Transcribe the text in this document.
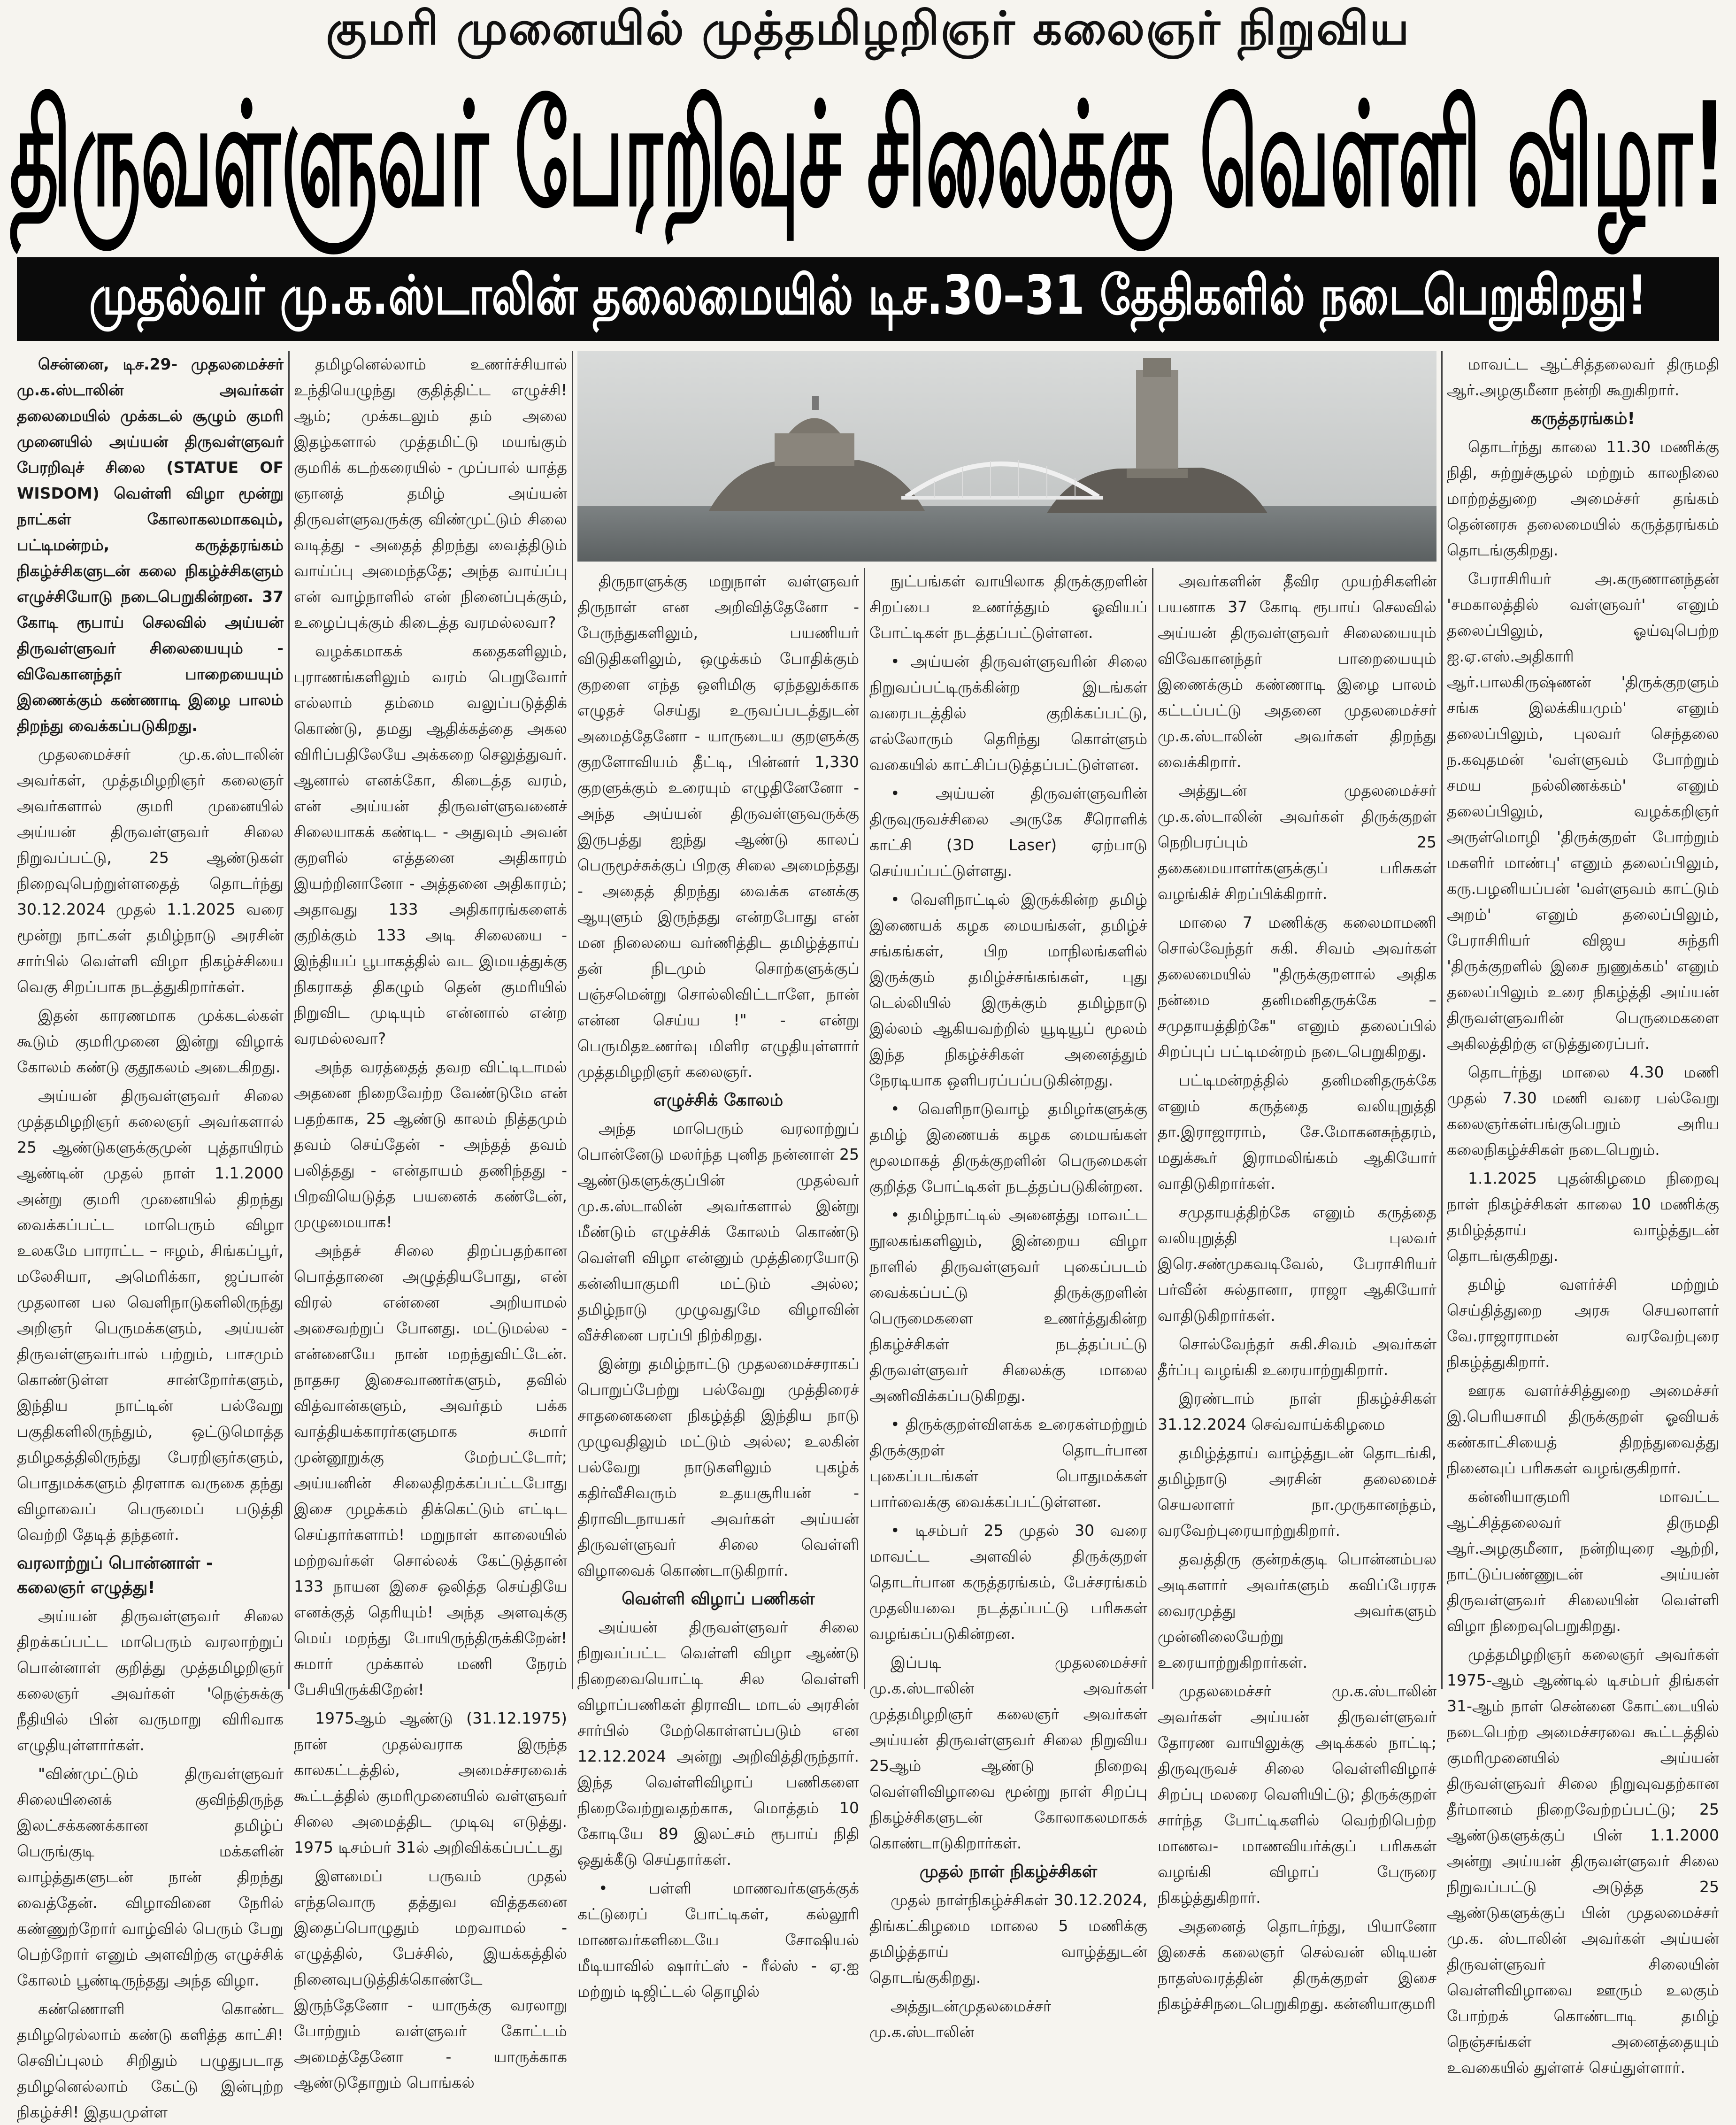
குமரி முனையில் முத்தமிழறிஞர் கலைஞர் நிறுவிய
திருவள்ளுவர் பேரறிவுச் சிலைக்கு வெள்ளி விழா!
முதல்வர் மு.க.ஸ்டாலின் தலைமையில் டிச.30–31 தேதிகளில் நடைபெறுகிறது!

சென்னை, டிச.29- முதலமைச்சர் மு.க.ஸ்டாலின் அவர்கள் தலைமையில் முக்கடல் சூழும் குமரி முனையில் அய்யன் திருவள்ளுவர் பேரறிவுச் சிலை (STATUE OF WISDOM) வெள்ளி விழா மூன்று நாட்கள் கோலாகலமாகவும், பட்டிமன்றம், கருத்தரங்கம் நிகழ்ச்சிகளுடன் கலை நிகழ்ச்சிகளும் எழுச்சியோடு நடைபெறுகின்றன. 37 கோடி ரூபாய் செலவில் அய்யன் திருவள்ளுவர் சிலையையும் - விவேகானந்தர் பாறையையும் இணைக்கும் கண்ணாடி இழை பாலம் திறந்து வைக்கப்படுகிறது.

முதலமைச்சர் மு.க.ஸ்டாலின் அவர்கள், முத்தமிழறிஞர் கலைஞர் அவர்களால் குமரி முனையில் அய்யன் திருவள்ளுவர் சிலை நிறுவப்பட்டு, 25 ஆண்டுகள் நிறைவுபெற்றுள்ளதைத் தொடர்ந்து 30.12.2024 முதல் 1.1.2025 வரை மூன்று நாட்கள் தமிழ்நாடு அரசின் சார்பில் வெள்ளி விழா நிகழ்ச்சியை வெகு சிறப்பாக நடத்துகிறார்கள்.

இதன் காரணமாக முக்கடல்கள் கூடும் குமரிமுனை இன்று விழாக் கோலம் கண்டு குதூகலம் அடைகிறது.

அய்யன் திருவள்ளுவர் சிலை முத்தமிழறிஞர் கலைஞர் அவர்களால் 25 ஆண்டுகளுக்குமுன் புத்தாயிரம் ஆண்டின் முதல் நாள் 1.1.2000 அன்று குமரி முனையில் திறந்து வைக்கப்பட்ட மாபெரும் விழா உலகமே பாராட்ட – ஈழம், சிங்கப்பூர், மலேசியா, அமெரிக்கா, ஜப்பான் முதலான பல வெளிநாடுகளிலிருந்து அறிஞர் பெருமக்களும், அய்யன் திருவள்ளுவர்பால் பற்றும், பாசமும் கொண்டுள்ள சான்றோர்களும், இந்திய நாட்டின் பல்வேறு பகுதிகளிலிருந்தும், ஒட்டுமொத்த தமிழகத்திலிருந்து பேரறிஞர்களும், பொதுமக்களும் திரளாக வருகை தந்து விழாவைப் பெருமைப் படுத்தி வெற்றி தேடித் தந்தனர்.

வரலாற்றுப் பொன்னாள் - கலைஞர் எழுத்து!

அய்யன் திருவள்ளுவர் சிலை திறக்கப்பட்ட மாபெரும் வரலாற்றுப் பொன்னாள் குறித்து முத்தமிழறிஞர் கலைஞர் அவர்கள் 'நெஞ்சுக்கு நீதியில் பின் வருமாறு விரிவாக எழுதியுள்ளார்கள்.

"விண்முட்டும் திருவள்ளுவர் சிலையினைக் குவிந்திருந்த இலட்சக்கணக்கான தமிழ்ப் பெருங்குடி மக்களின் வாழ்த்துகளுடன் நான் திறந்து வைத்தேன். விழாவினை நேரில் கண்ணுற்றோர் வாழ்வில் பெரும் பேறு பெற்றோர் எனும் அளவிற்கு எழுச்சிக் கோலம் பூண்டிருந்தது அந்த விழா.

கண்ணொளி கொண்ட தமிழரெல்லாம் கண்டு களித்த காட்சி! செவிப்புலம் சிறிதும் பழுதுபடாத தமிழனெல்லாம் கேட்டு இன்புற்ற நிகழ்ச்சி! இதயமுள்ள

தமிழனெல்லாம் உணர்ச்சியால் உந்தியெழுந்து குதித்திட்ட எழுச்சி! ஆம்; முக்கடலும் தம் அலை இதழ்களால் முத்தமிட்டு மயங்கும் குமரிக் கடற்கரையில் - முப்பால் யாத்த ஞானத் தமிழ் அய்யன் திருவள்ளுவருக்கு விண்முட்டும் சிலை வடித்து - அதைத் திறந்து வைத்திடும் வாய்ப்பு அமைந்ததே; அந்த வாய்ப்பு என் வாழ்நாளில் என் நினைப்புக்கும், உழைப்புக்கும் கிடைத்த வரமல்லவா?

வழக்கமாகக் கதைகளிலும், புராணங்களிலும் வரம் பெறுவோர் எல்லாம் தம்மை வலுப்படுத்திக் கொண்டு, தமது ஆதிக்கத்தை அகல விரிப்பதிலேயே அக்கறை செலுத்துவர். ஆனால் எனக்கோ, கிடைத்த வரம், என் அய்யன் திருவள்ளுவனைச் சிலையாகக் கண்டிட - அதுவும் அவன் குறளில் எத்தனை அதிகாரம் இயற்றினானோ - அத்தனை அதிகாரம்; அதாவது 133 அதிகாரங்களைக் குறிக்கும் 133 அடி சிலையை - இந்தியப் பூபாகத்தில் வட இமயத்துக்கு நிகராகத் திகழும் தென் குமரியில் நிறுவிட முடியும் என்னால் என்ற வரமல்லவா?

அந்த வரத்தைத் தவற விட்டிடாமல் அதனை நிறைவேற்ற வேண்டுமே என் பதற்காக, 25 ஆண்டு காலம் நித்தமும் தவம் செய்தேன் - அந்தத் தவம் பலித்தது - என்தாயம் தணிந்தது - பிறவியெடுத்த பயனைக் கண்டேன், முழுமையாக!

அந்தச் சிலை திறப்பதற்கான பொத்தானை அழுத்தியபோது, என் விரல் என்னை அறியாமல் அசைவற்றுப் போனது. மட்டுமல்ல - என்னையே நான் மறந்துவிட்டேன். நாதசுர இசைவாணர்களும், தவில் வித்வான்களும், அவர்தம் பக்க வாத்தியக்காரர்களுமாக சுமார் முன்னூறுக்கு மேற்பட்டோர்; அய்யனின் சிலைதிறக்கப்பட்டபோது இசை முழக்கம் திக்கெட்டும் எட்டிட செய்தார்களாம்! மறுநாள் காலையில் மற்றவர்கள் சொல்லக் கேட்டுத்தான் 133 நாயன இசை ஒலித்த செய்தியே எனக்குத் தெரியும்! அந்த அளவுக்கு மெய் மறந்து போயிருந்திருக்கிறேன்! சுமார் முக்கால் மணி நேரம் பேசியிருக்கிறேன்!

1975ஆம் ஆண்டு (31.12.1975) நான் முதல்வராக இருந்த காலகட்டத்தில், அமைச்சரவைக் கூட்டத்தில் குமரிமுனையில் வள்ளுவர் சிலை அமைத்திட முடிவு எடுத்து. 1975 டிசம்பர் 31ல் அறிவிக்கப்பட்டது

இளமைப் பருவம் முதல் எந்தவொரு தத்துவ வித்தகனை இதைப்பொழுதும் மறவாமல் - எழுத்தில், பேச்சில், இயக்கத்தில் நினைவுபடுத்திக்கொண்டே இருந்தேனோ - யாருக்கு வரலாறு போற்றும் வள்ளுவர் கோட்டம் அமைத்தேனோ - யாருக்காக ஆண்டுதோறும் பொங்கல்

திருநாளுக்கு மறுநாள் வள்ளுவர் திருநாள் என அறிவித்தேனோ - பேருந்துகளிலும், பயணியர் விடுதிகளிலும், ஒழுக்கம் போதிக்கும் குறளை எந்த ஒளிமிகு ஏந்தலுக்காக எழுதச் செய்து உருவப்படத்துடன் அமைத்தேனோ - யாருடைய குறளுக்கு குறளோவியம் தீட்டி, பின்னர் 1,330 குறளுக்கும் உரையும் எழுதினேனோ - அந்த அய்யன் திருவள்ளுவருக்கு இருபத்து ஐந்து ஆண்டு காலப் பெருமூச்சுக்குப் பிறகு சிலை அமைந்தது - அதைத் திறந்து வைக்க எனக்கு ஆயுளும் இருந்தது என்றபோது என் மன நிலையை வர்ணித்திட தமிழ்த்தாய் தன் நிடமும் சொற்களுக்குப் பஞ்சமென்று சொல்லிவிட்டாளே, நான் என்ன செய்ய !" - என்று பெருமிதஉணர்வு மிளிர எழுதியுள்ளார் முத்தமிழறிஞர் கலைஞர்.

எழுச்சிக் கோலம்

அந்த மாபெரும் வரலாற்றுப் பொன்னேடு மலர்ந்த புனித நன்னாள் 25 ஆண்டுகளுக்குப்பின் முதல்வர் மு.க.ஸ்டாலின் அவர்களால் இன்று மீண்டும் எழுச்சிக் கோலம் கொண்டு வெள்ளி விழா என்னும் முத்திரையோடு கன்னியாகுமரி மட்டும் அல்ல; தமிழ்நாடு முழுவதுமே விழாவின் வீச்சினை பரப்பி நிற்கிறது.

இன்று தமிழ்நாட்டு முதலமைச்சராகப் பொறுப்பேற்று பல்வேறு முத்திரைச் சாதனைகளை நிகழ்த்தி இந்திய நாடு முழுவதிலும் மட்டும் அல்ல; உலகின் பல்வேறு நாடுகளிலும் புகழ்க் கதிர்வீசிவரும் உதயசூரியன் - திராவிடநாயகர் அவர்கள் அய்யன் திருவள்ளுவர் சிலை வெள்ளி விழாவைக் கொண்டாடுகிறார்.

வெள்ளி விழாப் பணிகள்

அய்யன் திருவள்ளுவர் சிலை நிறுவப்பட்ட வெள்ளி விழா ஆண்டு நிறைவையொட்டி சில வெள்ளி விழாப்பணிகள் திராவிட மாடல் அரசின் சார்பில் மேற்கொள்ளப்படும் என 12.12.2024 அன்று அறிவித்திருந்தார். இந்த வெள்ளிவிழாப் பணிகளை நிறைவேற்றுவதற்காக, மொத்தம் 10 கோடியே 89 இலட்சம் ரூபாய் நிதி ஒதுக்கீடு செய்தார்கள்.

• பள்ளி மாணவர்களுக்குக் கட்டுரைப் போட்டிகள், கல்லூரி மாணவர்களிடையே சோஷியல் மீடியாவில் ஷார்ட்ஸ் - ரீல்ஸ் - ஏ.ஐ மற்றும் டிஜிட்டல் தொழில்

நுட்பங்கள் வாயிலாக திருக்குறளின் சிறப்பை உணர்த்தும் ஓவியப் போட்டிகள் நடத்தப்பட்டுள்ளன.

• அய்யன் திருவள்ளுவரின் சிலை நிறுவப்பட்டிருக்கின்ற இடங்கள் வரைபடத்தில் குறிக்கப்பட்டு, எல்லோரும் தெரிந்து கொள்ளும் வகையில் காட்சிப்படுத்தப்பட்டுள்ளன.

• அய்யன் திருவள்ளுவரின் திருவுருவச்சிலை அருகே சீரொளிக் காட்சி (3D Laser) ஏற்பாடு செய்யப்பட்டுள்ளது.

• வெளிநாட்டில் இருக்கின்ற தமிழ் இணையக் கழக மையங்கள், தமிழ்ச் சங்கங்கள், பிற மாநிலங்களில் இருக்கும் தமிழ்ச்சங்கங்கள், புது டெல்லியில் இருக்கும் தமிழ்நாடு இல்லம் ஆகியவற்றில் யூடியூப் மூலம் இந்த நிகழ்ச்சிகள் அனைத்தும் நேரடியாக ஒளிபரப்பப்படுகின்றது.

• வெளிநாடுவாழ் தமிழர்களுக்கு தமிழ் இணையக் கழக மையங்கள் மூலமாகத் திருக்குறளின் பெருமைகள் குறித்த போட்டிகள் நடத்தப்படுகின்றன.

• தமிழ்நாட்டில் அனைத்து மாவட்ட நூலகங்களிலும், இன்றைய விழா நாளில் திருவள்ளுவர் புகைப்படம் வைக்கப்பட்டு திருக்குறளின் பெருமைகளை உணர்த்துகின்ற நிகழ்ச்சிகள் நடத்தப்பட்டு திருவள்ளுவர் சிலைக்கு மாலை அணிவிக்கப்படுகிறது.

• திருக்குறள்விளக்க உரைகள்மற்றும் திருக்குறள் தொடர்பான புகைப்படங்கள் பொதுமக்கள் பார்வைக்கு வைக்கப்பட்டுள்ளன.

• டிசம்பர் 25 முதல் 30 வரை மாவட்ட அளவில் திருக்குறள் தொடர்பான கருத்தரங்கம், பேச்சரங்கம் முதலியவை நடத்தப்பட்டு பரிசுகள் வழங்கப்படுகின்றன.

இப்படி முதலமைச்சர் மு.க.ஸ்டாலின் அவர்கள் முத்தமிழறிஞர் கலைஞர் அவர்கள் அய்யன் திருவள்ளுவர் சிலை நிறுவிய 25ஆம் ஆண்டு நிறைவு வெள்ளிவிழாவை மூன்று நாள் சிறப்பு நிகழ்ச்சிகளுடன் கோலாகலமாகக் கொண்டாடுகிறார்கள்.

முதல் நாள் நிகழ்ச்சிகள்

முதல் நாள்நிகழ்ச்சிகள் 30.12.2024, திங்கட்கிழமை மாலை 5 மணிக்கு தமிழ்த்தாய் வாழ்த்துடன் தொடங்குகிறது.

அத்துடன்முதலமைச்சர் மு.க.ஸ்டாலின்

அவர்களின் தீவிர முயற்சிகளின் பயனாக 37 கோடி ரூபாய் செலவில் அய்யன் திருவள்ளுவர் சிலையையும் விவேகானந்தர் பாறையையும் இணைக்கும் கண்ணாடி இழை பாலம் கட்டப்பட்டு அதனை முதலமைச்சர் மு.க.ஸ்டாலின் அவர்கள் திறந்து வைக்கிறார்.

அத்துடன் முதலமைச்சர் மு.க.ஸ்டாலின் அவர்கள் திருக்குறள் நெறிபரப்பும் 25 தகைமையாளர்களுக்குப் பரிசுகள் வழங்கிச் சிறப்பிக்கிறார்.

மாலை 7 மணிக்கு கலைமாமணி சொல்வேந்தர் சுகி. சிவம் அவர்கள் தலைமையில் "திருக்குறளால் அதிக நன்மை தனிமனிதருக்கே – சமுதாயத்திற்கே" எனும் தலைப்பில் சிறப்புப் பட்டிமன்றம் நடைபெறுகிறது.

பட்டிமன்றத்தில் தனிமனிதருக்கே எனும் கருத்தை வலியுறுத்தி தா.இராஜாராம், சே.மோகனசுந்தரம், மதுக்கூர் இராமலிங்கம் ஆகியோர் வாதிடுகிறார்கள்.

சமுதாயத்திற்கே எனும் கருத்தை வலியுறுத்தி புலவர் இரெ.சண்முகவடிவேல், பேராசிரியர் பர்வீன் சுல்தானா, ராஜா ஆகியோர் வாதிடுகிறார்கள்.

சொல்வேந்தர் சுகி.சிவம் அவர்கள் தீர்ப்பு வழங்கி உரையாற்றுகிறார்.

இரண்டாம் நாள் நிகழ்ச்சிகள் 31.12.2024 செவ்வாய்க்கிழமை

தமிழ்த்தாய் வாழ்த்துடன் தொடங்கி, தமிழ்நாடு அரசின் தலைமைச் செயலாளர் நா.முருகானந்தம், வரவேற்புரையாற்றுகிறார்.

தவத்திரு குன்றக்குடி பொன்னம்பல அடிகளார் அவர்களும் கவிப்பேரரசு வைரமுத்து அவர்களும் முன்னிலையேற்று உரையாற்றுகிறார்கள்.

முதலமைச்சர் மு.க.ஸ்டாலின் அவர்கள் அய்யன் திருவள்ளுவர் தோரண வாயிலுக்கு அடிக்கல் நாட்டி; திருவுருவச் சிலை வெள்ளிவிழாச் சிறப்பு மலரை வெளியிட்டு; திருக்குறள் சார்ந்த போட்டிகளில் வெற்றிபெற்ற மாணவ- மாணவியர்க்குப் பரிசுகள் வழங்கி விழாப் பேருரை நிகழ்த்துகிறார்.

அதனைத் தொடர்ந்து, பியானோ இசைக் கலைஞர் செல்வன் லிடியன் நாதஸ்வரத்தின் திருக்குறள் இசை நிகழ்ச்சிநடைபெறுகிறது. கன்னியாகுமரி

மாவட்ட ஆட்சித்தலைவர் திருமதி ஆர்.அழகுமீனா நன்றி கூறுகிறார்.

கருத்தரங்கம்!

தொடர்ந்து காலை 11.30 மணிக்கு நிதி, சுற்றுச்சூழல் மற்றும் காலநிலை மாற்றத்துறை அமைச்சர் தங்கம் தென்னரசு தலைமையில் கருத்தரங்கம் தொடங்குகிறது.

பேராசிரியர் அ.கருணானந்தன் 'சமகாலத்தில் வள்ளுவர்' எனும் தலைப்பிலும், ஓய்வுபெற்ற ஐ.ஏ.எஸ்.அதிகாரி ஆர்.பாலகிருஷ்ணன் 'திருக்குறளும் சங்க இலக்கியமும்' எனும் தலைப்பிலும், புலவர் செந்தலை ந.கவுதமன் 'வள்ளுவம் போற்றும் சமய நல்லிணக்கம்' எனும் தலைப்பிலும், வழக்கறிஞர் அருள்மொழி 'திருக்குறள் போற்றும் மகளிர் மாண்பு' எனும் தலைப்பிலும், கரு.பழனியப்பன் 'வள்ளுவம் காட்டும் அறம்' எனும் தலைப்பிலும், பேராசிரியர் விஜய சுந்தரி 'திருக்குறளில் இசை நுணுக்கம்' எனும் தலைப்பிலும் உரை நிகழ்த்தி அய்யன் திருவள்ளுவரின் பெருமைகளை அகிலத்திற்கு எடுத்துரைப்பர்.

தொடர்ந்து மாலை 4.30 மணி முதல் 7.30 மணி வரை பல்வேறு கலைஞர்கள்பங்குபெறும் அரிய கலைநிகழ்ச்சிகள் நடைபெறும்.

1.1.2025 புதன்கிழமை நிறைவு நாள் நிகழ்ச்சிகள் காலை 10 மணிக்கு தமிழ்த்தாய் வாழ்த்துடன் தொடங்குகிறது.

தமிழ் வளர்ச்சி மற்றும் செய்தித்துறை அரசு செயலாளர் வே.ராஜாராமன் வரவேற்புரை நிகழ்த்துகிறார்.

ஊரக வளர்ச்சித்துறை அமைச்சர் இ.பெரியசாமி திருக்குறள் ஓவியக் கண்காட்சியைத் திறந்துவைத்து நினைவுப் பரிசுகள் வழங்குகிறார்.

கன்னியாகுமரி மாவட்ட ஆட்சித்தலைவர் திருமதி ஆர்.அழகுமீனா, நன்றியுரை ஆற்றி, நாட்டுப்பண்ணுடன் அய்யன் திருவள்ளுவர் சிலையின் வெள்ளி விழா நிறைவுபெறுகிறது.

முத்தமிழறிஞர் கலைஞர் அவர்கள் 1975-ஆம் ஆண்டில் டிசம்பர் திங்கள் 31-ஆம் நாள் சென்னை கோட்டையில் நடைபெற்ற அமைச்சரவை கூட்டத்தில் குமரிமுனையில் அய்யன் திருவள்ளுவர் சிலை நிறுவுவதற்கான தீர்மானம் நிறைவேற்றப்பட்டு; 25 ஆண்டுகளுக்குப் பின் 1.1.2000 அன்று அய்யன் திருவள்ளுவர் சிலை நிறுவப்பட்டு அடுத்த 25 ஆண்டுகளுக்குப் பின் முதலமைச்சர் மு.க. ஸ்டாலின் அவர்கள் அய்யன் திருவள்ளுவர் சிலையின் வெள்ளிவிழாவை ஊரும் உலகும் போற்றக் கொண்டாடி தமிழ் நெஞ்சங்கள் அனைத்தையும் உவகையில் துள்ளச் செய்துள்ளார்.
